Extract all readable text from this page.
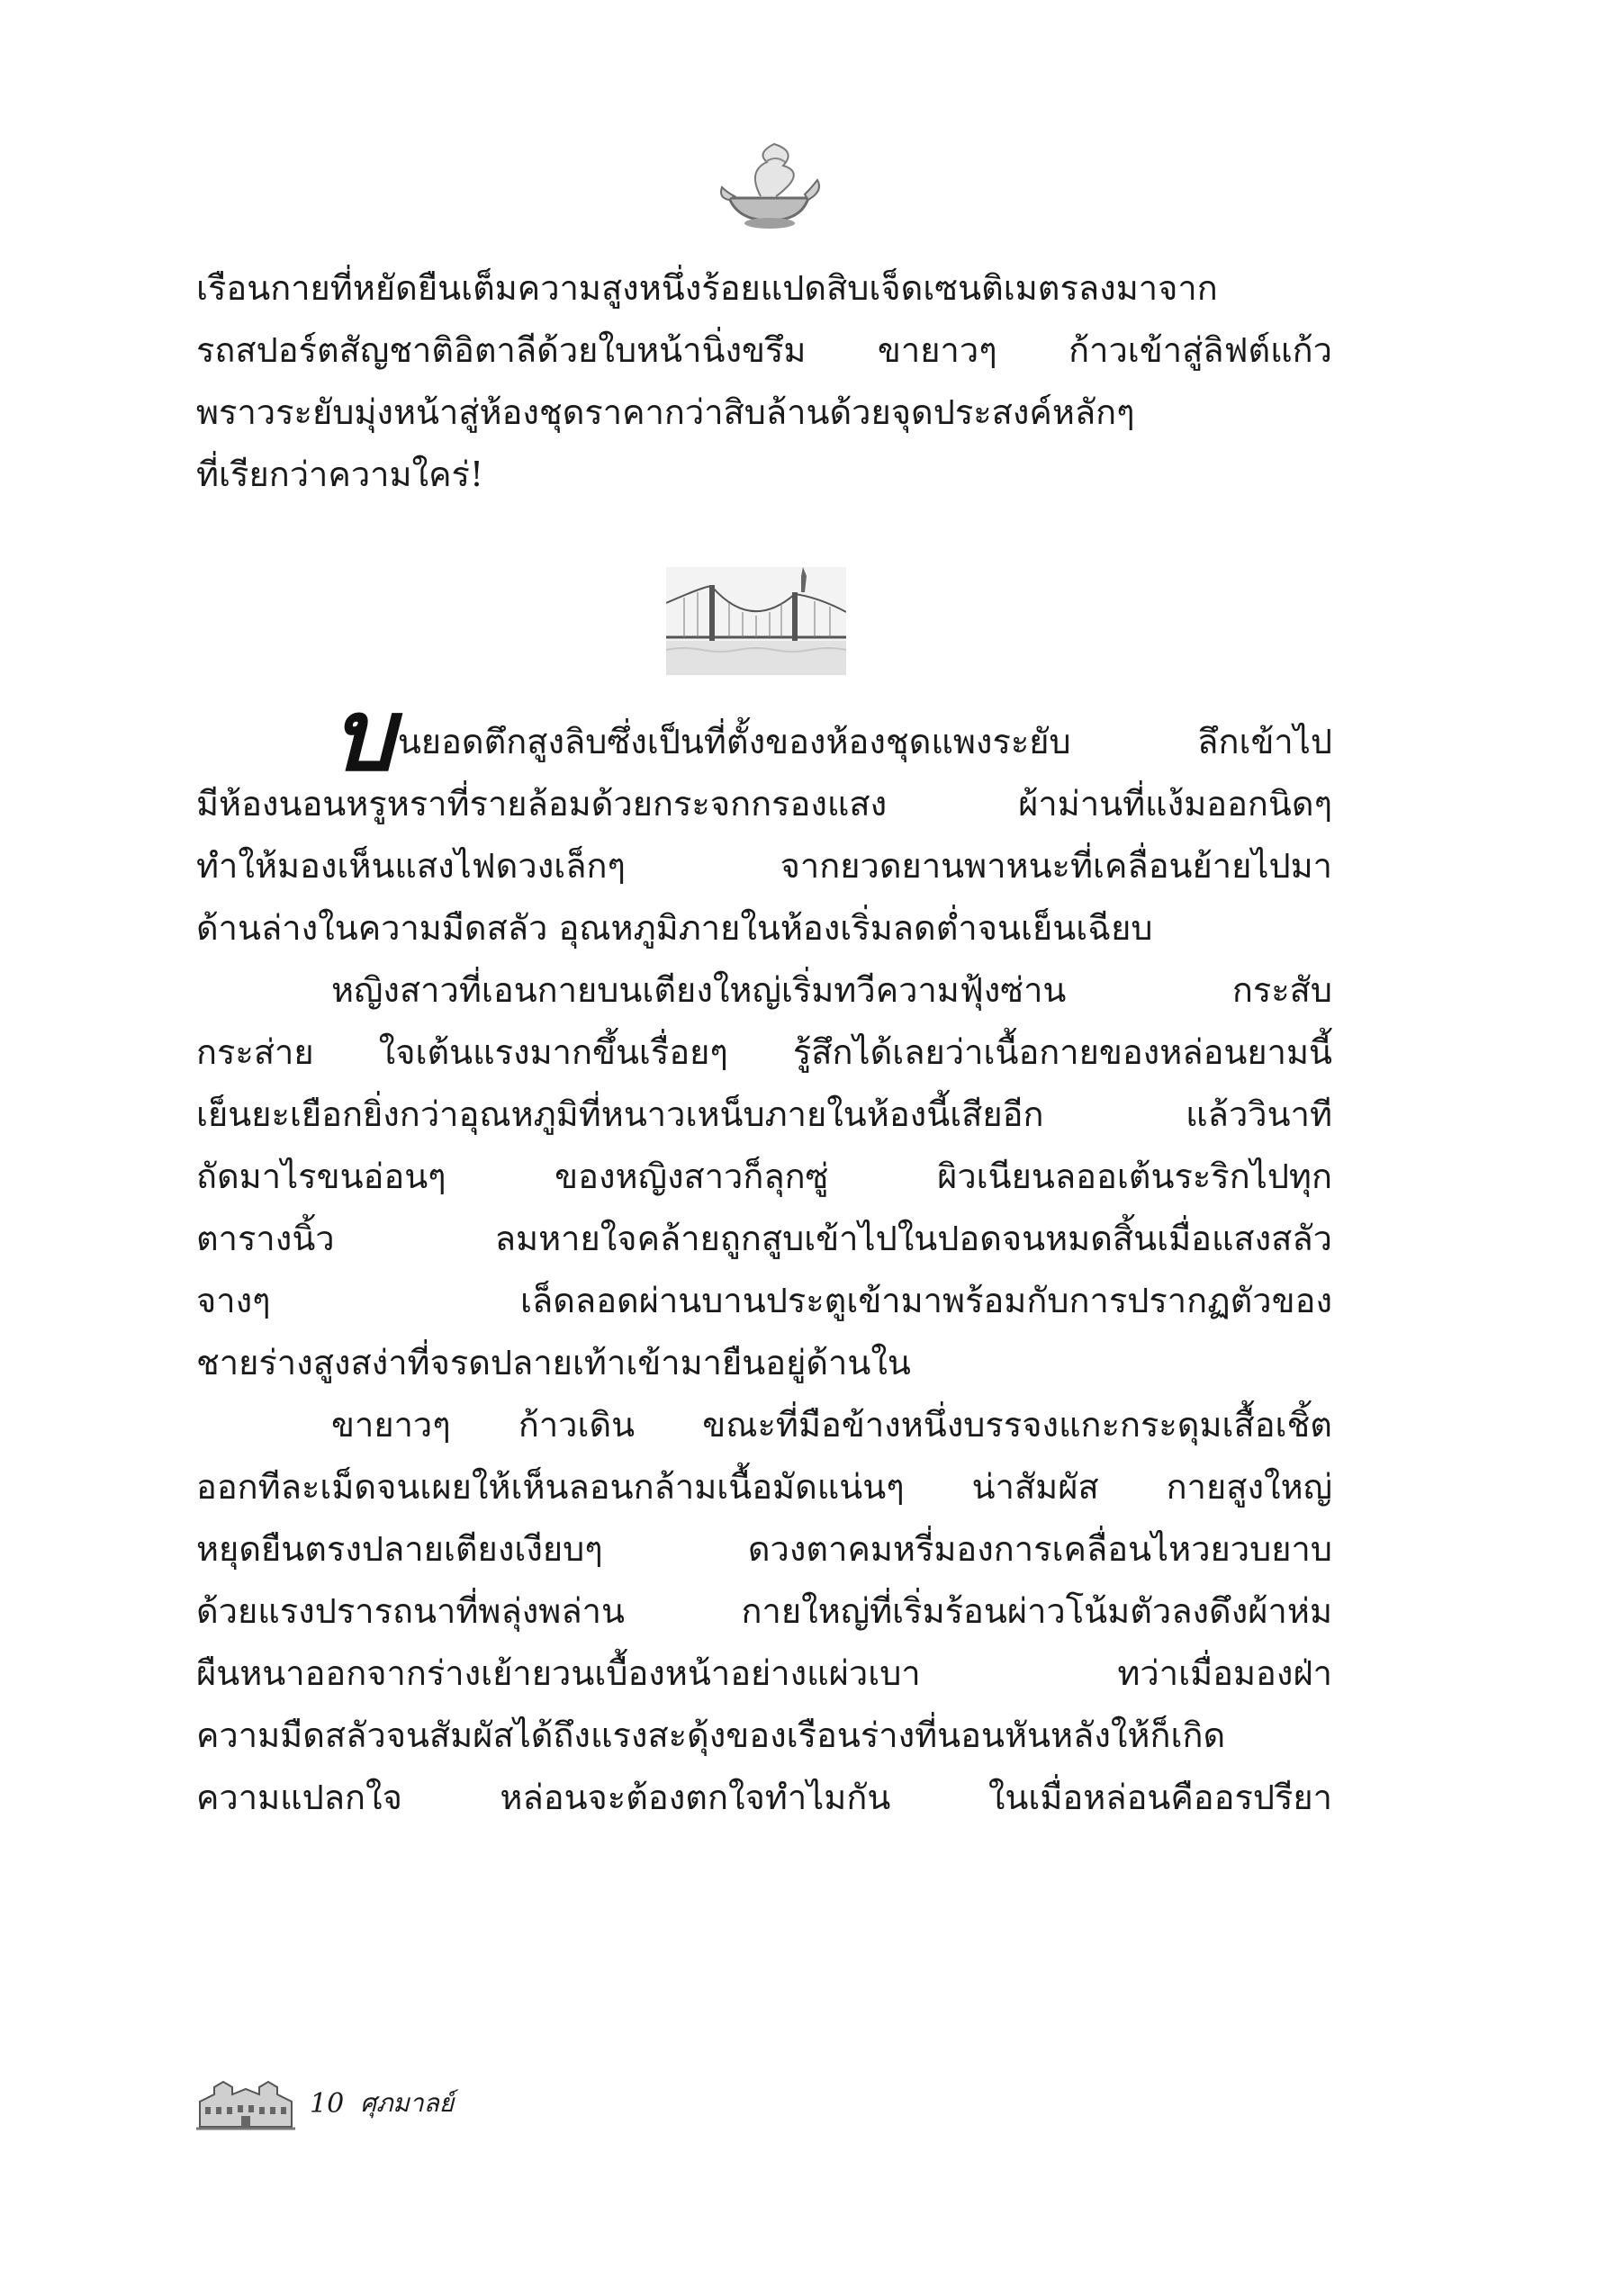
เรือนกายที่หยัดยืนเต็มความสูงหนึ่งร้อยแปดสิบเจ็ดเซนติเมตรลงมาจาก
รถสปอร์ตสัญชาติอิตาลีด้วยใบหน้านิ่งขรึม ขายาวๆ ก้าวเข้าสู่ลิฟต์แก้ว
พราวระยับมุ่งหน้าสู่ห้องชุดราคากว่าสิบล้านด้วยจุดประสงค์หลักๆ
ที่เรียกว่าความใคร่!
บ นยอดตึกสูงลิบซึ่งเป็นที่ตั้งของห้องชุดแพงระยับ ลึกเข้าไป
มีห้องนอนหรูหราที่รายล้อมด้วยกระจกกรองแสง ผ้าม่านที่แง้มออกนิดๆ
ทำให้มองเห็นแสงไฟดวงเล็กๆ จากยวดยานพาหนะที่เคลื่อนย้ายไปมา
ด้านล่างในความมืดสลัว อุณหภูมิภายในห้องเริ่มลดต่ำจนเย็นเฉียบ
หญิงสาวที่เอนกายบนเตียงใหญ่เริ่มทวีความฟุ้งซ่าน กระสับ
กระส่าย ใจเต้นแรงมากขึ้นเรื่อยๆ รู้สึกได้เลยว่าเนื้อกายของหล่อนยามนี้
เย็นยะเยือกยิ่งกว่าอุณหภูมิที่หนาวเหน็บภายในห้องนี้เสียอีก แล้ววินาที
ถัดมาไรขนอ่อนๆ ของหญิงสาวก็ลุกซู่ ผิวเนียนลออเต้นระริกไปทุก
ตารางนิ้ว ลมหายใจคล้ายถูกสูบเข้าไปในปอดจนหมดสิ้นเมื่อแสงสลัว
จางๆ เล็ดลอดผ่านบานประตูเข้ามาพร้อมกับการปรากฏตัวของ
ชายร่างสูงสง่าที่จรดปลายเท้าเข้ามายืนอยู่ด้านใน
ขายาวๆ ก้าวเดิน ขณะที่มือข้างหนึ่งบรรจงแกะกระดุมเสื้อเชิ้ต
ออกทีละเม็ดจนเผยให้เห็นลอนกล้ามเนื้อมัดแน่นๆ น่าสัมผัส กายสูงใหญ่
หยุดยืนตรงปลายเตียงเงียบๆ ดวงตาคมหรี่มองการเคลื่อนไหวยวบยาบ
ด้วยแรงปรารถนาที่พลุ่งพล่าน กายใหญ่ที่เริ่มร้อนผ่าวโน้มตัวลงดึงผ้าห่ม
ผืนหนาออกจากร่างเย้ายวนเบื้องหน้าอย่างแผ่วเบา ทว่าเมื่อมองฝ่า
ความมืดสลัวจนสัมผัสได้ถึงแรงสะดุ้งของเรือนร่างที่นอนหันหลังให้ก็เกิด
ความแปลกใจ หล่อนจะต้องตกใจทำไมกัน ในเมื่อหล่อนคืออรปรียา
10 ศุภมาลย์
